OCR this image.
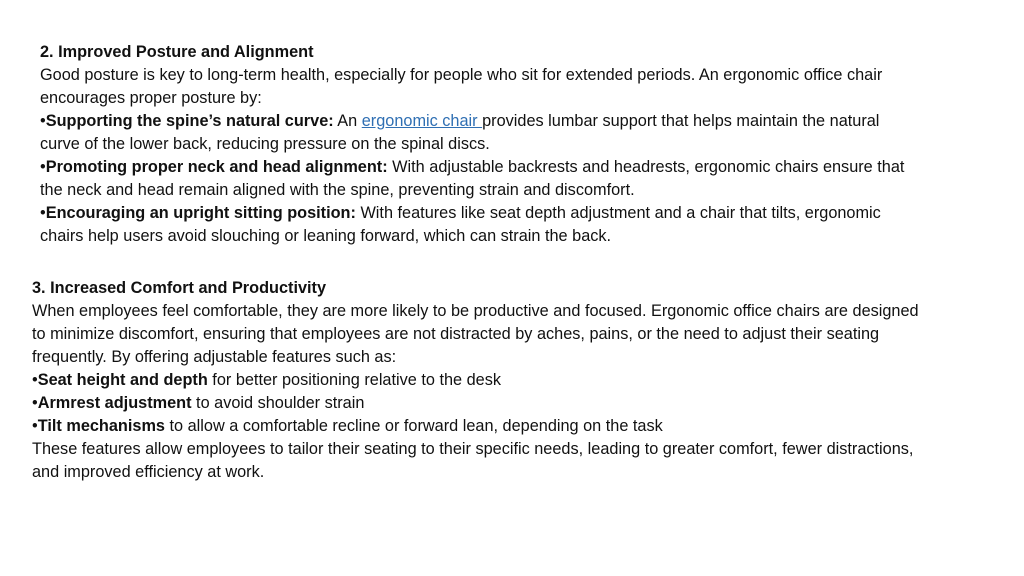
2. Improved Posture and Alignment
Good posture is key to long-term health, especially for people who sit for extended periods. An ergonomic office chair
encourages proper posture by:
•Supporting the spine’s natural curve: An ergonomic chair provides lumbar support that helps maintain the natural
curve of the lower back, reducing pressure on the spinal discs.
•Promoting proper neck and head alignment: With adjustable backrests and headrests, ergonomic chairs ensure that
the neck and head remain aligned with the spine, preventing strain and discomfort.
•Encouraging an upright sitting position: With features like seat depth adjustment and a chair that tilts, ergonomic
chairs help users avoid slouching or leaning forward, which can strain the back.
3. Increased Comfort and Productivity
When employees feel comfortable, they are more likely to be productive and focused. Ergonomic office chairs are designed
to minimize discomfort, ensuring that employees are not distracted by aches, pains, or the need to adjust their seating
frequently. By offering adjustable features such as:
•Seat height and depth for better positioning relative to the desk
•Armrest adjustment to avoid shoulder strain
•Tilt mechanisms to allow a comfortable recline or forward lean, depending on the task
These features allow employees to tailor their seating to their specific needs, leading to greater comfort, fewer distractions,
and improved efficiency at work.
